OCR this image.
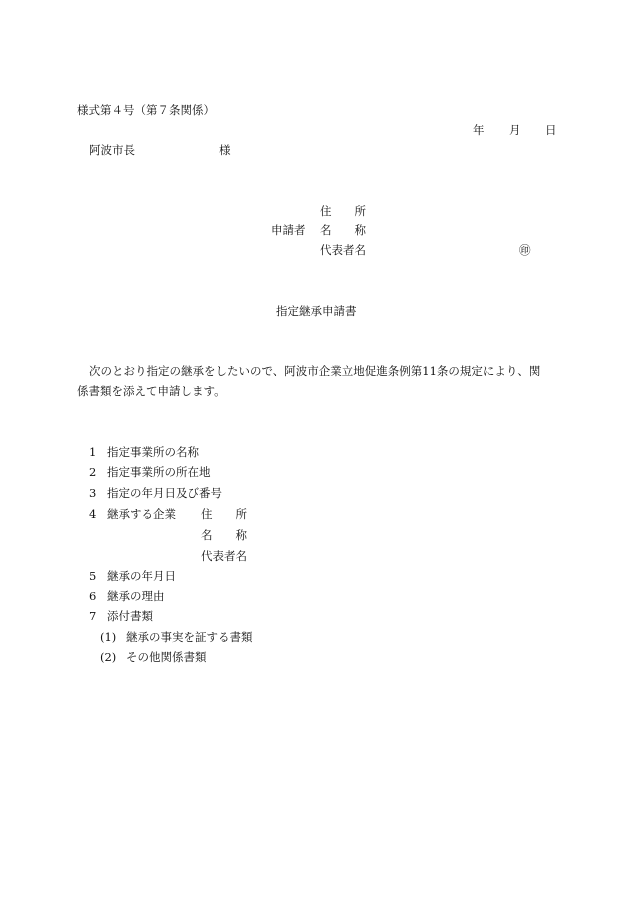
様式第４号（第７条関係）
年 月 日
阿波市長	様
住　　所
申請者 名　　称
代表者名	㊞
指定継承申請書
次のとおり指定の継承をしたいので、阿波市企業立地促進条例第11条の規定により、関
係書類を添えて申請します。
1 指定事業所の名称
2 指定事業所の所在地
3 指定の年月日及び番号
4 継承する企業 住　　所
名　　称
代表者名
5 継承の年月日
6 継承の理由
7 添付書類
(1) 継承の事実を証する書類
(2) その他関係書類
